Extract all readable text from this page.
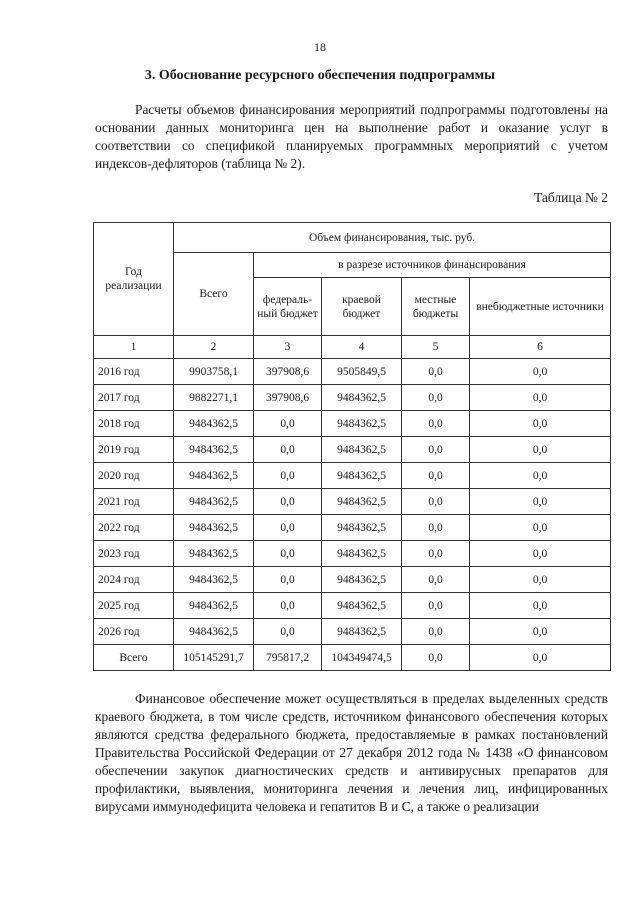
18
3. Обоснование ресурсного обеспечения подпрограммы

Расчеты объемов финансирования мероприятий подпрограммы подготовлены на основании данных мониторинга цен на выполнение работ и оказание услуг в соответствии со спецификой планируемых программных мероприятий с учетом индексов-дефляторов (таблица № 2).

Таблица № 2
Год реализации	Объем финансирования, тыс. руб.				
	Всего	в разрезе источников финансирования			
		федераль-ный бюджет	краевой бюджет	местные бюджеты	внебюджетные источники
1	2	3	4	5	6
2016 год	9903758,1	397908,6	9505849,5	0,0	0,0
2017 год	9882271,1	397908,6	9484362,5	0,0	0,0
2018 год	9484362,5	0,0	9484362,5	0,0	0,0
2019 год	9484362,5	0,0	9484362,5	0,0	0,0
2020 год	9484362,5	0,0	9484362,5	0,0	0,0
2021 год	9484362,5	0,0	9484362,5	0,0	0,0
2022 год	9484362,5	0,0	9484362,5	0,0	0,0
2023 год	9484362,5	0,0	9484362,5	0,0	0,0
2024 год	9484362,5	0,0	9484362,5	0,0	0,0
2025 год	9484362,5	0,0	9484362,5	0,0	0,0
2026 год	9484362,5	0,0	9484362,5	0,0	0,0
Всего	105145291,7	795817,2	104349474,5	0,0	0,0

Финансовое обеспечение может осуществляться в пределах выделенных средств краевого бюджета, в том числе средств, источником финансового обеспечения которых являются средства федерального бюджета, предоставляемые в рамках постановлений Правительства Российской Федерации от 27 декабря 2012 года № 1438 «О финансовом обеспечении закупок диагностических средств и антивирусных препаратов для профилактики, выявления, мониторинга лечения и лечения лиц, инфицированных вирусами иммунодефицита человека и гепатитов В и С, а также о реализации
